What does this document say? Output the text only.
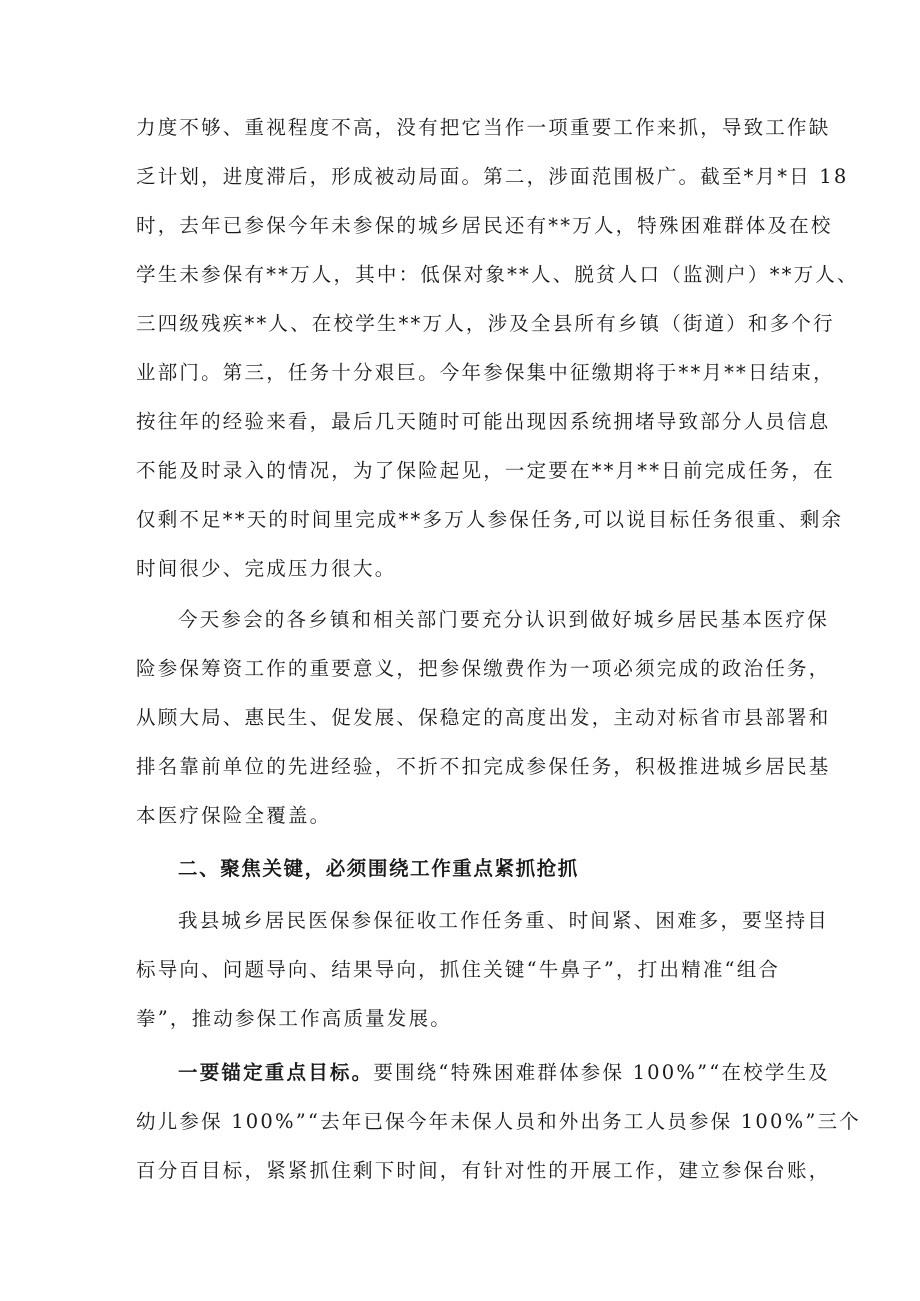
力度不够、重视程度不高，没有把它当作一项重要工作来抓，导致工作缺
乏计划，进度滞后，形成被动局面。第二，涉面范围极广。截至*月*日 18
时，去年已参保今年未参保的城乡居民还有**万人，特殊困难群体及在校
学生未参保有**万人，其中：低保对象**人、脱贫人口（监测户）**万人、
三四级残疾**人、在校学生**万人，涉及全县所有乡镇（街道）和多个行
业部门。第三，任务十分艰巨。今年参保集中征缴期将于**月**日结束，
按往年的经验来看，最后几天随时可能出现因系统拥堵导致部分人员信息
不能及时录入的情况，为了保险起见，一定要在**月**日前完成任务，在
仅剩不足**天的时间里完成**多万人参保任务,可以说目标任务很重、剩余
时间很少、完成压力很大。
今天参会的各乡镇和相关部门要充分认识到做好城乡居民基本医疗保
险参保筹资工作的重要意义，把参保缴费作为一项必须完成的政治任务，
从顾大局、惠民生、促发展、保稳定的高度出发，主动对标省市县部署和
排名靠前单位的先进经验，不折不扣完成参保任务，积极推进城乡居民基
本医疗保险全覆盖。
二、聚焦关键，必须围绕工作重点紧抓抢抓
我县城乡居民医保参保征收工作任务重、时间紧、困难多，要坚持目
标导向、问题导向、结果导向，抓住关键“牛鼻子”，打出精准“组合
拳”，推动参保工作高质量发展。
一要锚定重点目标。要围绕“特殊困难群体参保 100%”“在校学生及
幼儿参保 100%”“去年已保今年未保人员和外出务工人员参保 100%”三个
百分百目标，紧紧抓住剩下时间，有针对性的开展工作，建立参保台账，
